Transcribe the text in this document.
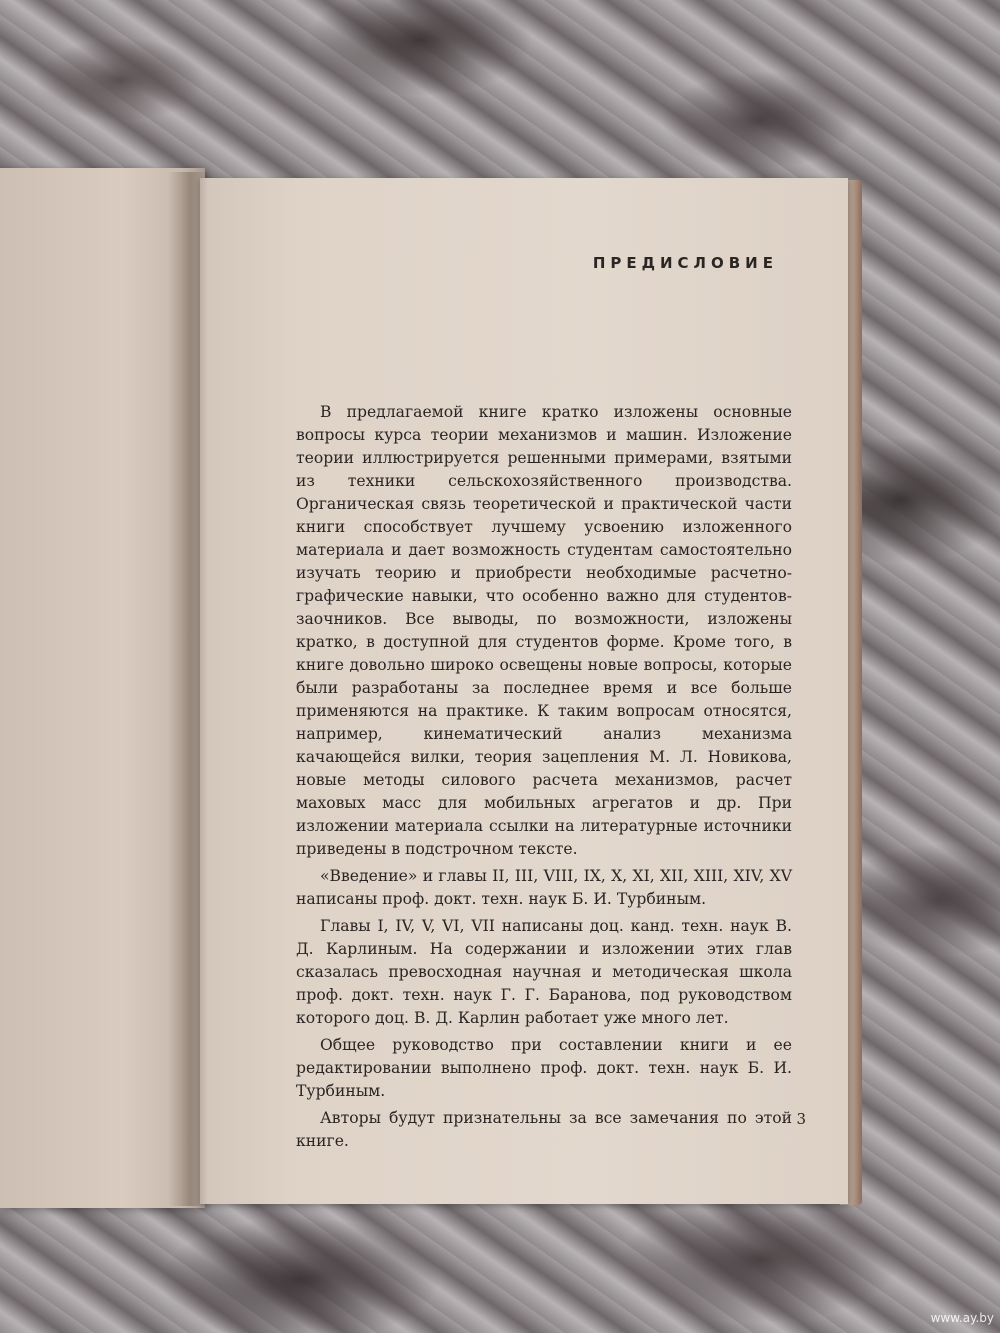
ПРЕДИСЛОВИЕ

В предлагаемой книге кратко изложены основные вопросы курса теории механизмов и машин. Изложение теории иллюстрируется решенными примерами, взятыми из техники сельскохозяйственного производства. Органическая связь теоретической и практической части книги способствует лучшему усвоению изложенного материала и дает возможность студентам самостоятельно изучать теорию и приобрести необходимые расчетно-графические навыки, что особенно важно для студентов-заочников. Все выводы, по возможности, изложены кратко, в доступной для студентов форме. Кроме того, в книге довольно широко освещены новые вопросы, которые были разработаны за последнее время и все больше применяются на практике. К таким вопросам относятся, например, кинематический анализ механизма качающейся вилки, теория зацепления М. Л. Новикова, новые методы силового расчета механизмов, расчет маховых масс для мобильных агрегатов и др. При изложении материала ссылки на литературные источники приведены в подстрочном тексте.

«Введение» и главы II, III, VIII, IX, X, XI, XII, XIII, XIV, XV написаны проф. докт. техн. наук Б. И. Турбиным.

Главы I, IV, V, VI, VII написаны доц. канд. техн. наук В. Д. Карлиным. На содержании и изложении этих глав сказалась превосходная научная и методическая школа проф. докт. техн. наук Г. Г. Баранова, под руководством которого доц. В. Д. Карлин работает уже много лет.

Общее руководство при составлении книги и ее редактировании выполнено проф. докт. техн. наук Б. И. Турбиным.

Авторы будут признательны за все замечания по этой книге.

3
www.ay.by
